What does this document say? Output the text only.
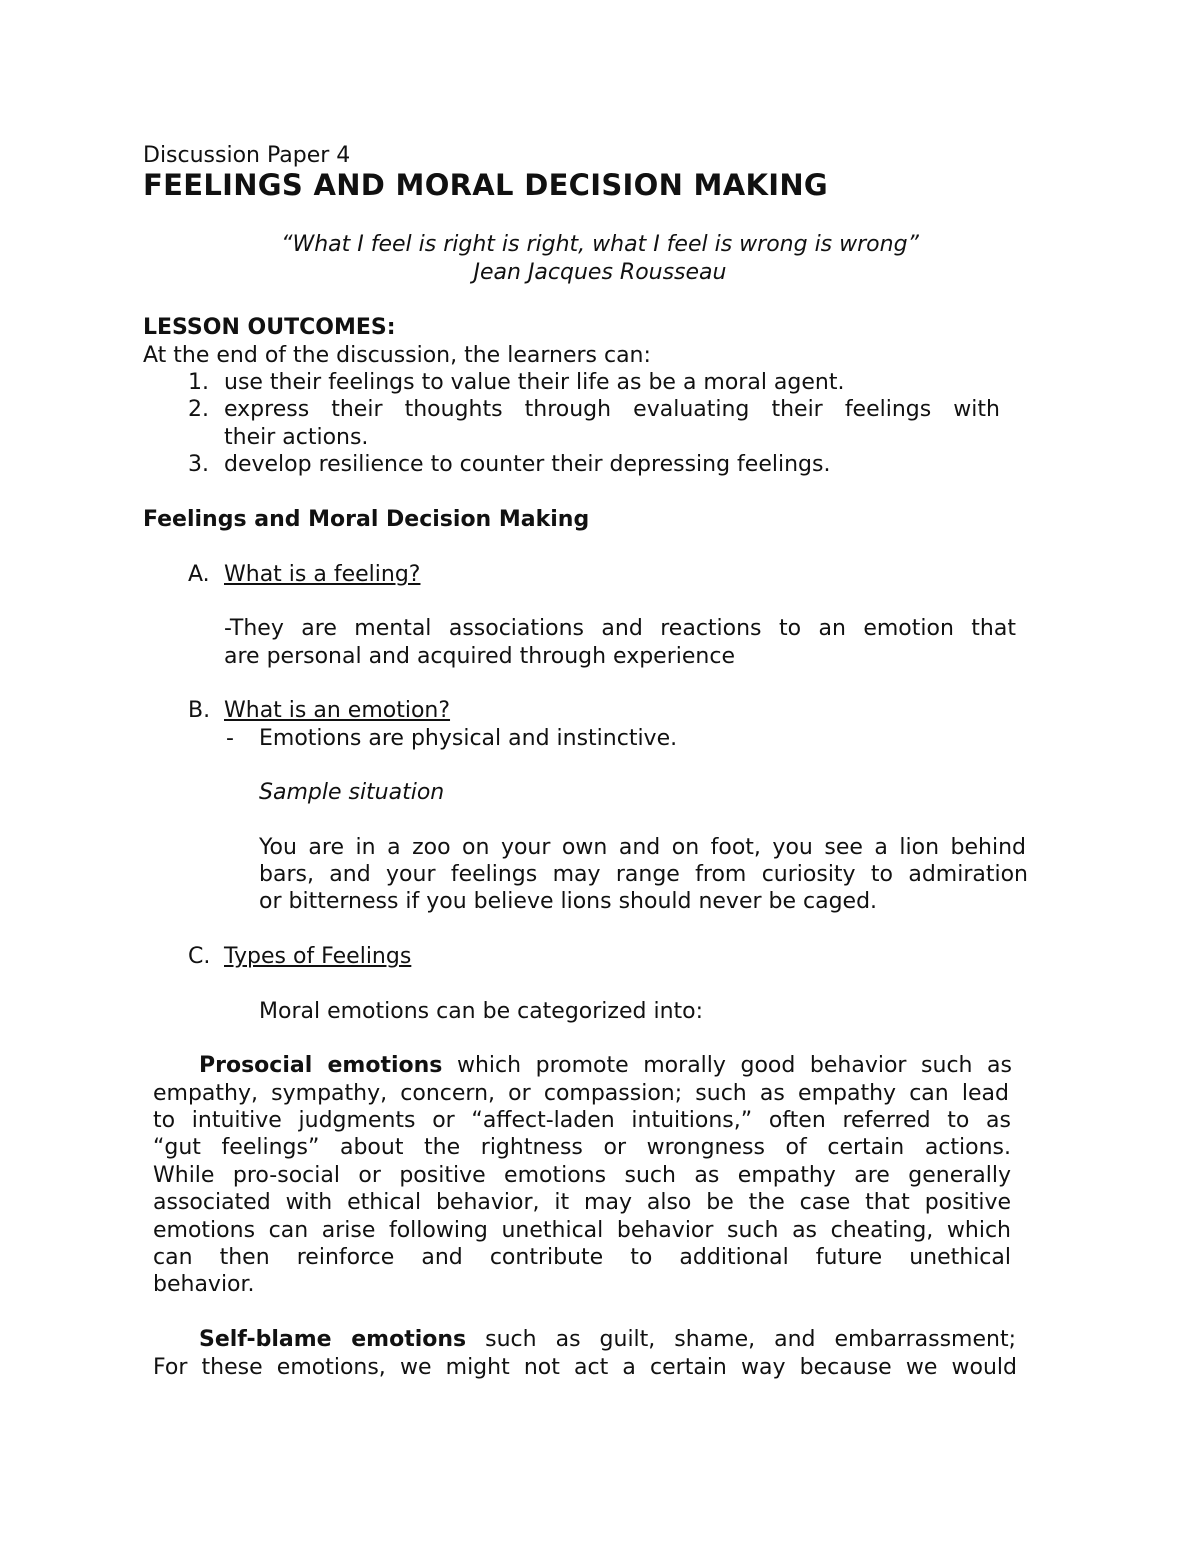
Discussion Paper 4
FEELINGS AND MORAL DECISION MAKING
“What I feel is right is right, what I feel is wrong is wrong”
Jean Jacques Rousseau
LESSON OUTCOMES:
At the end of the discussion, the learners can:
1. use their feelings to value their life as be a moral agent.
2. express their thoughts through evaluating their feelings with
their actions.
3. develop resilience to counter their depressing feelings.
Feelings and Moral Decision Making
A. What is a feeling?
-They are mental associations and reactions to an emotion that
are personal and acquired through experience
B. What is an emotion?
- Emotions are physical and instinctive.
Sample situation
You are in a zoo on your own and on foot, you see a lion behind
bars, and your feelings may range from curiosity to admiration
or bitterness if you believe lions should never be caged.
C. Types of Feelings
Moral emotions can be categorized into:
Prosocial emotions which promote morally good behavior such as
empathy, sympathy, concern, or compassion; such as empathy can lead
to intuitive judgments or “affect-laden intuitions,” often referred to as
“gut feelings” about the rightness or wrongness of certain actions.
While pro-social or positive emotions such as empathy are generally
associated with ethical behavior, it may also be the case that positive
emotions can arise following unethical behavior such as cheating, which
can then reinforce and contribute to additional future unethical
behavior.
Self-blame emotions such as guilt, shame, and embarrassment;
For these emotions, we might not act a certain way because we would
